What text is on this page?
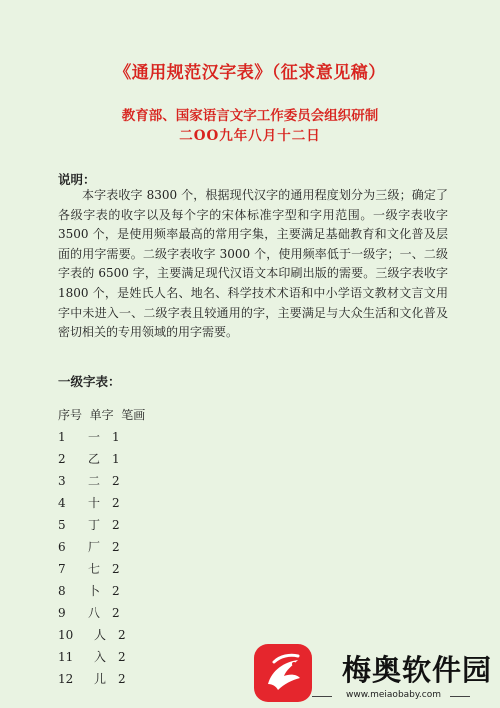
《通用规范汉字表》（征求意见稿）
教育部、国家语言文字工作委员会组织研制
二OO九年八月十二日
说明：
本字表收字 8300 个，根据现代汉字的通用程度划分为三级；确定了各级字表的收字以及每个字的宋体标准字型和字用范围。一级字表收字 3500 个，是使用频率最高的常用字集，主要满足基础教育和文化普及层面的用字需要。二级字表收字 3000 个，使用频率低于一级字；一、二级字表的 6500 字，主要满足现代汉语文本印刷出版的需要。三级字表收字 1800 个，是姓氏人名、地名、科学技术术语和中小学语文教材文言文用字中未进入一、二级字表且较通用的字，主要满足与大众生活和文化普及密切相关的专用领域的用字需要。
一级字表：
序号  单字  笔画
1 一 1
2 乙 1
3 二 2
4 十 2
5 丁 2
6 厂 2
7 七 2
8 卜 2
9 八 2
10 人 2
11 入 2
12 儿 2	梅奥软件园
www.meiaobaby.com
